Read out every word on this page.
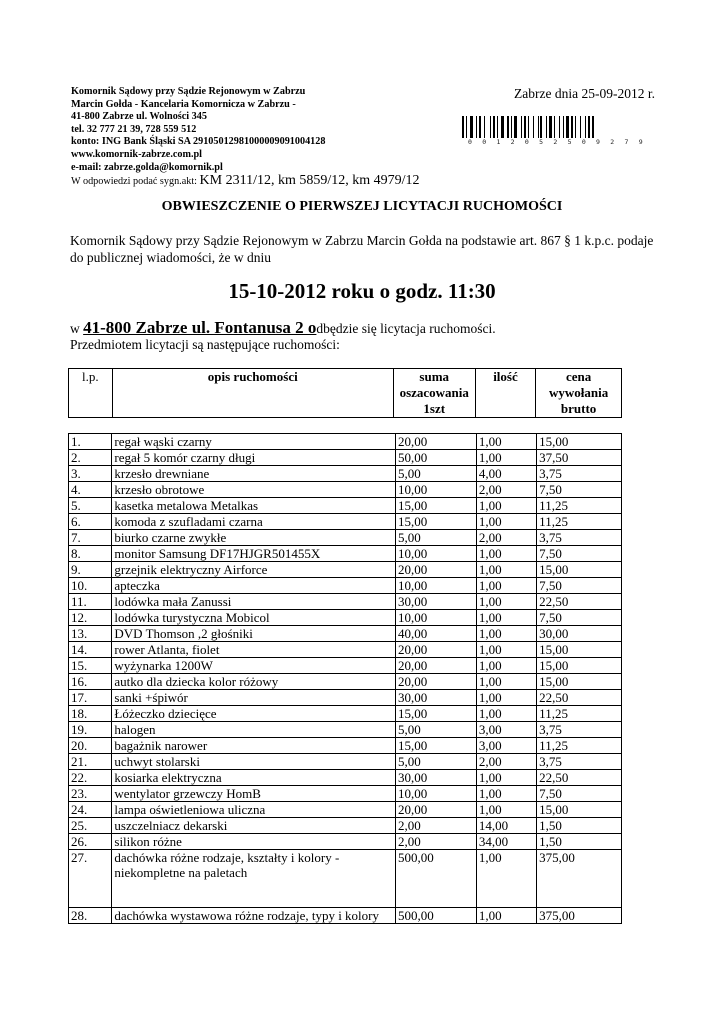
Komornik Sądowy przy Sądzie Rejonowym w Zabrzu
Marcin Gołda - Kancelaria Komornicza w Zabrzu -
41-800 Zabrze ul. Wolności 345
tel. 32 777 21 39, 728 559 512
konto: ING Bank Śląski SA 29105012981000009091004128
www.komornik-zabrze.com.pl
e-mail: zabrze.golda@komornik.pl
W odpowiedzi podać sygn.akt: KM 2311/12, km 5859/12, km 4979/12
Zabrze dnia 25-09-2012 r.
0 0 1 2 0 5 2 5 0 9 2 7 9
OBWIESZCZENIE O PIERWSZEJ LICYTACJI RUCHOMOŚCI
Komornik Sądowy przy Sądzie Rejonowym w Zabrzu Marcin Gołda na podstawie art. 867 § 1 k.p.c. podaje do publicznej wiadomości, że w dniu
15-10-2012 roku o godz. 11:30
w 41-800 Zabrze ul. Fontanusa 2 odbędzie się licytacja ruchomości.
Przedmiotem licytacji są następujące ruchomości:
l.p.	opis ruchomości	suma oszacowania 1szt	ilość	cena wywołania brutto
1.	regał wąski czarny	20,00	1,00	15,00
2.	regał 5 komór czarny długi	50,00	1,00	37,50
3.	krzesło drewniane	5,00	4,00	3,75
4.	krzesło obrotowe	10,00	2,00	7,50
5.	kasetka metalowa Metalkas	15,00	1,00	11,25
6.	komoda z szufladami czarna	15,00	1,00	11,25
7.	biurko czarne zwykłe	5,00	2,00	3,75
8.	monitor Samsung DF17HJGR501455X	10,00	1,00	7,50
9.	grzejnik elektryczny Airforce	20,00	1,00	15,00
10.	apteczka	10,00	1,00	7,50
11.	lodówka mała Zanussi	30,00	1,00	22,50
12.	lodówka turystyczna Mobicol	10,00	1,00	7,50
13.	DVD Thomson ,2 głośniki	40,00	1,00	30,00
14.	rower Atlanta, fiolet	20,00	1,00	15,00
15.	wyżynarka 1200W	20,00	1,00	15,00
16.	autko dla dziecka kolor różowy	20,00	1,00	15,00
17.	sanki +śpiwór	30,00	1,00	22,50
18.	Łóżeczko dziecięce	15,00	1,00	11,25
19.	halogen	5,00	3,00	3,75
20.	bagażnik narower	15,00	3,00	11,25
21.	uchwyt stolarski	5,00	2,00	3,75
22.	kosiarka elektryczna	30,00	1,00	22,50
23.	wentylator grzewczy HomB	10,00	1,00	7,50
24.	lampa oświetleniowa uliczna	20,00	1,00	15,00
25.	uszczelniacz dekarski	2,00	14,00	1,50
26.	silikon różne	2,00	34,00	1,50
27.	dachówka różne rodzaje, kształty i kolory - niekompletne na paletach	500,00	1,00	375,00
28.	dachówka wystawowa różne rodzaje, typy i kolory	500,00	1,00	375,00
